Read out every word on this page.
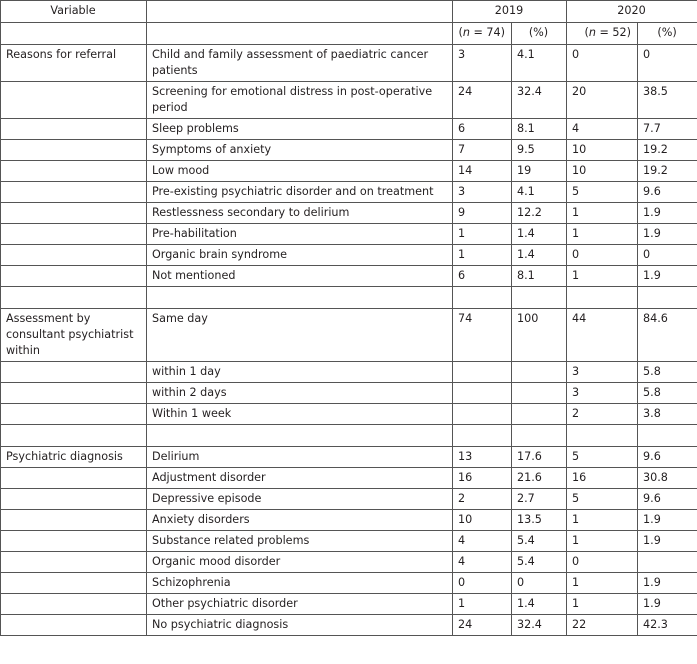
Variable		2019		2020	
		(n = 74)	(%)	(n = 52)	(%)
Reasons for referral	Child and family assessment of paediatric cancer patients	3	4.1	0	0
	Screening for emotional distress in post-operative period	24	32.4	20	38.5
	Sleep problems	6	8.1	4	7.7
	Symptoms of anxiety	7	9.5	10	19.2
	Low mood	14	19	10	19.2
	Pre-existing psychiatric disorder and on treatment	3	4.1	5	9.6
	Restlessness secondary to delirium	9	12.2	1	1.9
	Pre-habilitation	1	1.4	1	1.9
	Organic brain syndrome	1	1.4	0	0
	Not mentioned	6	8.1	1	1.9

Assessment by consultant psychiatrist within	Same day	74	100	44	84.6
	within 1 day			3	5.8
	within 2 days			3	5.8
	Within 1 week			2	3.8

Psychiatric diagnosis	Delirium	13	17.6	5	9.6
	Adjustment disorder	16	21.6	16	30.8
	Depressive episode	2	2.7	5	9.6
	Anxiety disorders	10	13.5	1	1.9
	Substance related problems	4	5.4	1	1.9
	Organic mood disorder	4	5.4	0	
	Schizophrenia	0	0	1	1.9
	Other psychiatric disorder	1	1.4	1	1.9
	No psychiatric diagnosis	24	32.4	22	42.3
